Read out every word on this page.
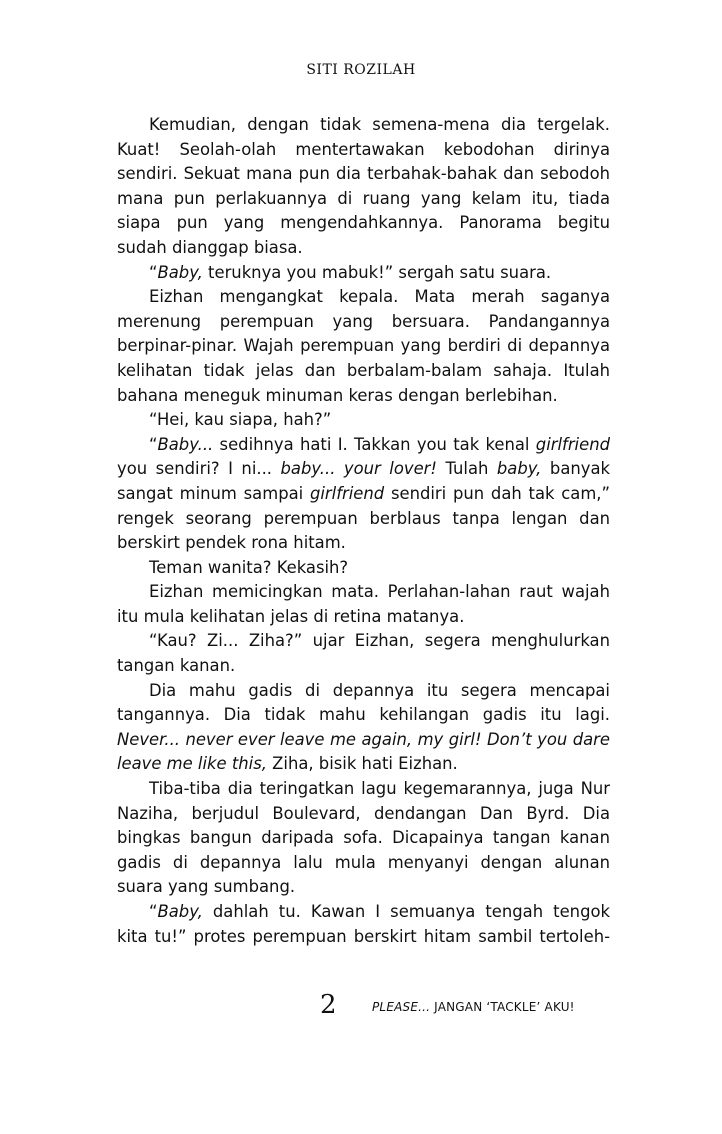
SITI ROZILAH

Kemudian, dengan tidak semena-mena dia tergelak. Kuat! Seolah-olah mentertawakan kebodohan dirinya sendiri. Sekuat mana pun dia terbahak-bahak dan sebodoh mana pun perlakuannya di ruang yang kelam itu, tiada siapa pun yang mengendahkannya. Panorama begitu sudah dianggap biasa.

“Baby, teruknya you mabuk!” sergah satu suara.

Eizhan mengangkat kepala. Mata merah saganya merenung perempuan yang bersuara. Pandangannya berpinar-pinar. Wajah perempuan yang berdiri di depannya kelihatan tidak jelas dan berbalam-balam sahaja. Itulah bahana meneguk minuman keras dengan berlebihan.

“Hei, kau siapa, hah?”

“Baby... sedihnya hati I. Takkan you tak kenal girlfriend you sendiri? I ni... baby... your lover! Tulah baby, banyak sangat minum sampai girlfriend sendiri pun dah tak cam,” rengek seorang perempuan berblaus tanpa lengan dan berskirt pendek rona hitam.

Teman wanita? Kekasih?

Eizhan memicingkan mata. Perlahan-lahan raut wajah itu mula kelihatan jelas di retina matanya.

“Kau? Zi... Ziha?” ujar Eizhan, segera menghulurkan tangan kanan.

Dia mahu gadis di depannya itu segera mencapai tangannya. Dia tidak mahu kehilangan gadis itu lagi. Never... never ever leave me again, my girl! Don’t you dare leave me like this, Ziha, bisik hati Eizhan.

Tiba-tiba dia teringatkan lagu kegemarannya, juga Nur Naziha, berjudul Boulevard, dendangan Dan Byrd. Dia bingkas bangun daripada sofa. Dicapainya tangan kanan gadis di depannya lalu mula menyanyi dengan alunan suara yang sumbang.

“Baby, dahlah tu. Kawan I semuanya tengah tengok kita tu!” protes perempuan berskirt hitam sambil tertoleh-

2	PLEASE... JANGAN ‘TACKLE’ AKU!
